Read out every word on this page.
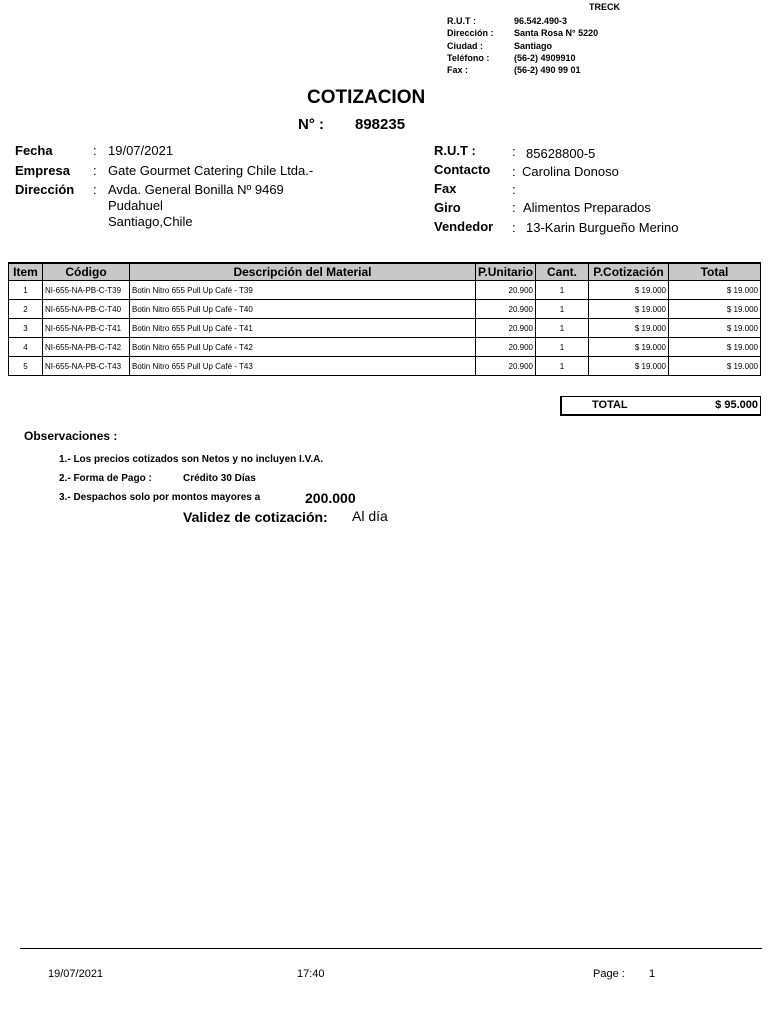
TRECK
R.U.T :	96.542.490-3
Dirección : Santa Rosa N° 5220
Ciudad :	Santiago
Teléfono :	(56-2) 4909910
Fax :	(56-2) 490 99 01
COTIZACION
N° : 898235
Fecha	: 19/07/2021
Empresa : Gate Gourmet Catering Chile Ltda.-
Dirección : Avda. General Bonilla Nº 9469
Pudahuel
Santiago,Chile
R.U.T :	: 85628800-5
Contacto : Carolina Donoso
Fax	:
Giro	: Alimentos Preparados
Vendedor : 13-Karin Burgueño Merino
Item	Código	Descripción del Material	P.Unitario	Cant.	P.Cotización	Total
1	NI-655-NA-PB-C-T39	Botin Nitro 655 Pull Up Café - T39	20.900	1	$ 19.000	$ 19.000
2	NI-655-NA-PB-C-T40	Botin Nitro 655 Pull Up Café - T40	20.900	1	$ 19.000	$ 19.000
3	NI-655-NA-PB-C-T41	Botin Nitro 655 Pull Up Café - T41	20.900	1	$ 19.000	$ 19.000
4	NI-655-NA-PB-C-T42	Botin Nitro 655 Pull Up Café - T42	20.900	1	$ 19.000	$ 19.000
5	NI-655-NA-PB-C-T43	Botin Nitro 655 Pull Up Café - T43	20.900	1	$ 19.000	$ 19.000
TOTAL	$ 95.000
Observaciones :
1.- Los precios cotizados son Netos y no incluyen I.V.A.
2.- Forma de Pago :	Crédito 30 Días
3.- Despachos solo por montos mayores a	200.000
Validez de cotización: Al día
19/07/2021	17:40	Page : 1
